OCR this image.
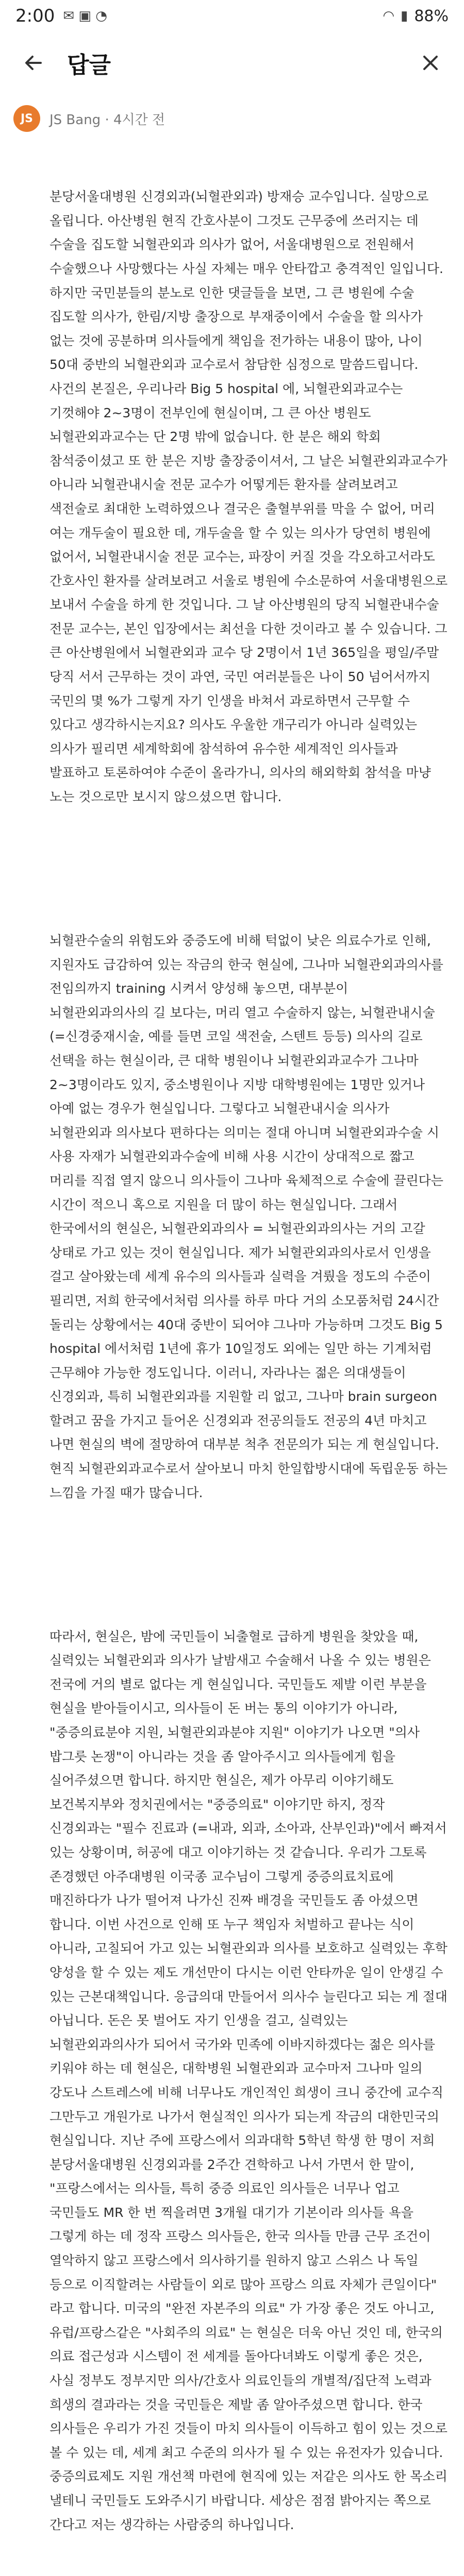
2:00 ✉ ▣ ◔	◠ ▮ 88%
답글
JS	JS Bang · 4시간 전

분당서울대병원 신경외과(뇌혈관외과) 방재승 교수입니다. 실망으로 올립니다. 아산병원 현직 간호사분이 그것도 근무중에 쓰러지는 데 수술을 집도할 뇌혈관외과 의사가 없어, 서울대병원으로 전원해서 수술했으나 사망했다는 사실 자체는 매우 안타깝고 충격적인 일입니다. 하지만 국민분들의 분노로 인한 댓글들을 보면, 그 큰 병원에 수술 집도할 의사가, 한림/지방 출장으로 부재중이에서 수술을 할 의사가 없는 것에 공분하며 의사들에게 책임을 전가하는 내용이 많아, 나이 50대 중반의 뇌혈관외과 교수로서 참담한 심정으로 말씀드립니다. 사건의 본질은, 우리나라 Big 5 hospital 에, 뇌혈관외과교수는 기껏해야 2~3명이 전부인에 현실이며, 그 큰 아산 병원도 뇌혈관외과교수는 단 2명 밖에 없습니다. 한 분은 해외 학회 참석중이셨고 또 한 분은 지방 출장중이셔서, 그 날은 뇌혈관외과교수가 아니라 뇌혈관내시술 전문 교수가 어떻게든 환자를 살려보려고 색전술로 최대한 노력하였으나 결국은 출혈부위를 막을 수 없어, 머리 여는 개두술이 필요한 데, 개두술을 할 수 있는 의사가 당연히 병원에 없어서, 뇌혈관내시술 전문 교수는, 파장이 커질 것을 각오하고서라도 간호사인 환자를 살려보려고 서울로 병원에 수소문하여 서울대병원으로 보내서 수술을 하게 한 것입니다. 그 날 아산병원의 당직 뇌혈관내수술 전문 교수는, 본인 입장에서는 최선을 다한 것이라고 볼 수 있습니다. 그 큰 아산병원에서 뇌혈관외과 교수 당 2명이서 1년 365일을 평일/주말 당직 서서 근무하는 것이 과연, 국민 여러분들은 나이 50 넘어서까지 국민의 몇 %가 그렇게 자기 인생을 바쳐서 과로하면서 근무할 수 있다고 생각하시는지요? 의사도 우울한 개구리가 아니라 실력있는 의사가 필리면 세계학회에 참석하여 유수한 세계적인 의사들과 발표하고 토론하여야 수준이 올라가니, 의사의 해외학회 참석을 마냥 노는 것으로만 보시지 않으셨으면 합니다.

뇌혈관수술의 위험도와 중증도에 비해 턱없이 낮은 의료수가로 인해, 지원자도 급감하여 있는 작금의 한국 현실에, 그나마 뇌혈관외과의사를 전임의까지 training 시켜서 양성해 놓으면, 대부분이 뇌혈관외과의사의 길 보다는, 머리 열고 수술하지 않는, 뇌혈관내시술(=신경중재시술, 예를 들면 코일 색전술, 스텐트 등등) 의사의 길로 선택을 하는 현실이라, 큰 대학 병원이나 뇌혈관외과교수가 그나마 2~3명이라도 있지, 중소병원이나 지방 대학병원에는 1명만 있거나 아예 없는 경우가 현실입니다. 그렇다고 뇌혈관내시술 의사가 뇌혈관외과 의사보다 편하다는 의미는 절대 아니며 뇌혈관외과수술 시 사용 자재가 뇌혈관외과수술에 비해 사용 시간이 상대적으로 짧고 머리를 직접 열지 않으니 의사들이 그나마 육체적으로 수술에 끌린다는 시간이 적으니 혹으로 지원을 더 많이 하는 현실입니다. 그래서 한국에서의 현실은, 뇌혈관외과의사 = 뇌혈관외과의사는 거의 고갈 상태로 가고 있는 것이 현실입니다. 제가 뇌혈관외과의사로서 인생을 걸고 살아왔는데 세계 유수의 의사들과 실력을 겨뤘을 정도의 수준이 필리면, 저희 한국에서처럼 의사를 하루 마다 거의 소모품처럼 24시간 돌리는 상황에서는 40대 중반이 되어야 그나마 가능하며 그것도 Big 5 hospital 에서처럼 1년에 휴가 10일정도 외에는 일만 하는 기계처럼 근무해야 가능한 정도입니다. 이러니, 자라나는 젊은 의대생들이 신경외과, 특히 뇌혈관외과를 지원할 리 없고, 그나마 brain surgeon 할려고 꿈을 가지고 들어온 신경외과 전공의들도 전공의 4년 마치고 나면 현실의 벽에 절망하여 대부분 척추 전문의가 되는 게 현실입니다. 현직 뇌혈관외과교수로서 살아보니 마치 한일합방시대에 독립운동 하는 느낌을 가질 때가 많습니다.

따라서, 현실은, 밤에 국민들이 뇌출혈로 급하게 병원을 찾았을 때, 실력있는 뇌혈관외과 의사가 날밤새고 수술해서 나올 수 있는 병원은 전국에 거의 별로 없다는 게 현실입니다. 국민들도 제발 이런 부분을 현실을 받아들이시고, 의사들이 돈 버는 통의 이야기가 아니라, "중증의료분야 지원, 뇌혈관외과분야 지원" 이야기가 나오면 "의사 밥그릇 논쟁"이 아니라는 것을 좀 알아주시고 의사들에게 힘을 실어주셨으면 합니다. 하지만 현실은, 제가 아무리 이야기해도 보건복지부와 정치권에서는 "중증의료" 이야기만 하지, 정작 신경외과는 "필수 진료과 (=내과, 외과, 소아과, 산부인과)"에서 빠져서 있는 상황이며, 허공에 대고 이야기하는 것 같습니다. 우리가 그토록 존경했던 아주대병원 이국종 교수님이 그렇게 중증의료치료에 매진하다가 나가 떨어져 나가신 진짜 배경을 국민들도 좀 아셨으면 합니다. 이번 사건으로 인해 또 누구 책임자 처벌하고 끝나는 식이 아니라, 고칠되어 가고 있는 뇌혈관외과 의사를 보호하고 실력있는 후학 양성을 할 수 있는 제도 개선만이 다시는 이런 안타까운 일이 안생길 수 있는 근본대책입니다. 응급의대 만들어서 의사수 늘린다고 되는 게 절대 아닙니다. 돈은 못 벌어도 자기 인생을 걸고, 실력있는 뇌혈관외과의사가 되어서 국가와 민족에 이바지하겠다는 젊은 의사를 키워야 하는 데 현실은, 대학병원 뇌혈관외과 교수마저 그나마 일의 강도나 스트레스에 비해 너무나도 개인적인 희생이 크니 중간에 교수직 그만두고 개원가로 나가서 현실적인 의사가 되는게 작금의 대한민국의 현실입니다. 지난 주에 프랑스에서 의과대학 5학년 학생 한 명이 저희 분당서울대병원 신경외과를 2주간 견학하고 나서 가면서 한 말이, "프랑스에서는 의사들, 특히 중증 의료인 의사들은 너무나 업고 국민들도 MR 한 번 찍을려면 3개월 대기가 기본이라 의사들 욕을 그렇게 하는 데 정작 프랑스 의사들은, 한국 의사들 만큼 근무 조건이 열악하지 않고 프랑스에서 의사하기를 원하지 않고 스위스 나 독일 등으로 이직할려는 사람들이 외로 많아 프랑스 의료 자체가 큰일이다" 라고 합니다. 미국의 "완전 자본주의 의료" 가 가장 좋은 것도 아니고, 유럽/프랑스같은 "사회주의 의료" 는 현실은 더욱 아닌 것인 데, 한국의 의료 접근성과 시스템이 전 세계를 돌아다녀봐도 이렇게 좋은 것은, 사실 정부도 정부지만 의사/간호사 의료인들의 개별적/집단적 노력과 희생의 결과라는 것을 국민들은 제발 좀 알아주셨으면 합니다. 한국 의사들은 우리가 가진 것들이 마치 의사들이 이득하고 힘이 있는 것으로 볼 수 있는 데, 세계 최고 수준의 의사가 될 수 있는 유전자가 있습니다. 중증의료제도 지원 개선책 마련에 현직에 있는 저같은 의사도 한 목소리 낼테니 국민들도 도와주시기 바랍니다. 세상은 점점 밝아지는 쪽으로 간다고 저는 생각하는 사람중의 하나입니다.
